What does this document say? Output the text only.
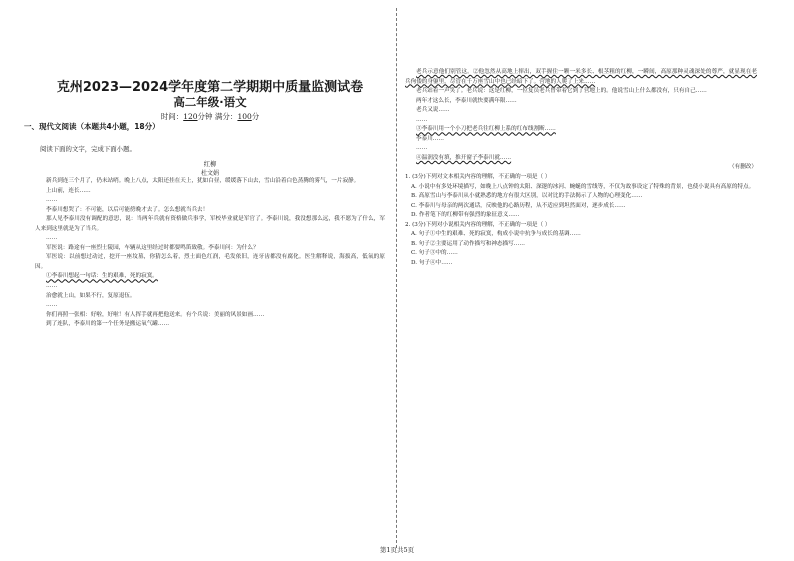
克州2023—2024学年度第二学期期中质量监测试卷
高二年级·语文
时间：120分钟 满分：100分
一、现代文阅读（本题共4小题，18分）
阅读下面的文字，完成下面小题。
红柳
杜文娟

新兵到连三个月了，仍未站哨。晚上八点，太阳还挂在天上，犹如白昼，缓缓落下山去，雪山沿着白色蒸腾的雾气，一片寂静。

上山前，连长……

……

李泰川想哭了：不可能，以后可能傍晚才去了。怎么想就当兵去！

那人见李泰川没有调配的意思，说：当两年兵就有资格做兵事学，军校毕业就是军官了。李泰川说，我没想那么远，我不愿为了什么，军人来到这里就是为了当兵。

……

军医说：路途有一座烈士陵园，车辆从这里经过时都要鸣笛致敬。李泰川问：为什么？

军医说：以前想过动过，挖开一座坟墓，你猜怎么着，烈士面色红润，毛发依旧，连牙齿都没有腐化。医生解释说，海拔高，低氧的原因。

①李泰川想起一句话：生的艰难，死的寂寞。

……

治愈就上山，如果不行，复原退伍。

……

你们再照一张相：好啦，好啦！有人挥手就再把他送来。有个兵说：美丽的风景如画……

到了连队，李泰川的第一个任务是搬运氧气罐……

老兵示意他们别管这。②他忽然从高地上摔出，双手握住一颗一米多长、根茎粗的红柳，一瞬间，高原那种灵魂深处的尊严，就显现在老兵佝偻的身躯里，尽管在千万座雪山中也已经暗下了。营地的人爬了上来……

老兵站着一声笑了。老兵说：这是红柳，一位复员老兵曾带着它到了营地上的。他说雪山上什么都没有，只有自己……

两年才这么长，李泰川就快要满年限……

老兵又说……

……

③李泰川用一个小刀把老兵往红柳上系的红布线割断……

李泰川……

……

④温润没有填，推开窗子李泰川就……

（有删改）

1. (3分)下列对文本相关内容的理解，不正确的一项是（ ）

A. 小说中有多处环境描写，如晚上八点钟的太阳、深邃的冰河、蜿蜒的雪线等，不仅为故事设定了特殊的背景，也使小说具有高原的特点。

B. 高原雪山与李泰川从小就熟悉的地方有很大区别，以对比的手法揭示了人物的心理变化……

C. 李泰川与母亲的两次通话，反映他的心路历程，从不适应到坦然面对，逐步成长……

D. 作者笔下的红柳带有强烈的象征意义……

2. (3分)下列对小说相关内容的理解，不正确的一项是（ ）

A. 句子①中生的艰难、死的寂寞，构成小说中抗争与成长的基调……

B. 句子②主要运用了动作描写和神态描写……

C. 句子③中的……

D. 句子④中……

第1页共5页
